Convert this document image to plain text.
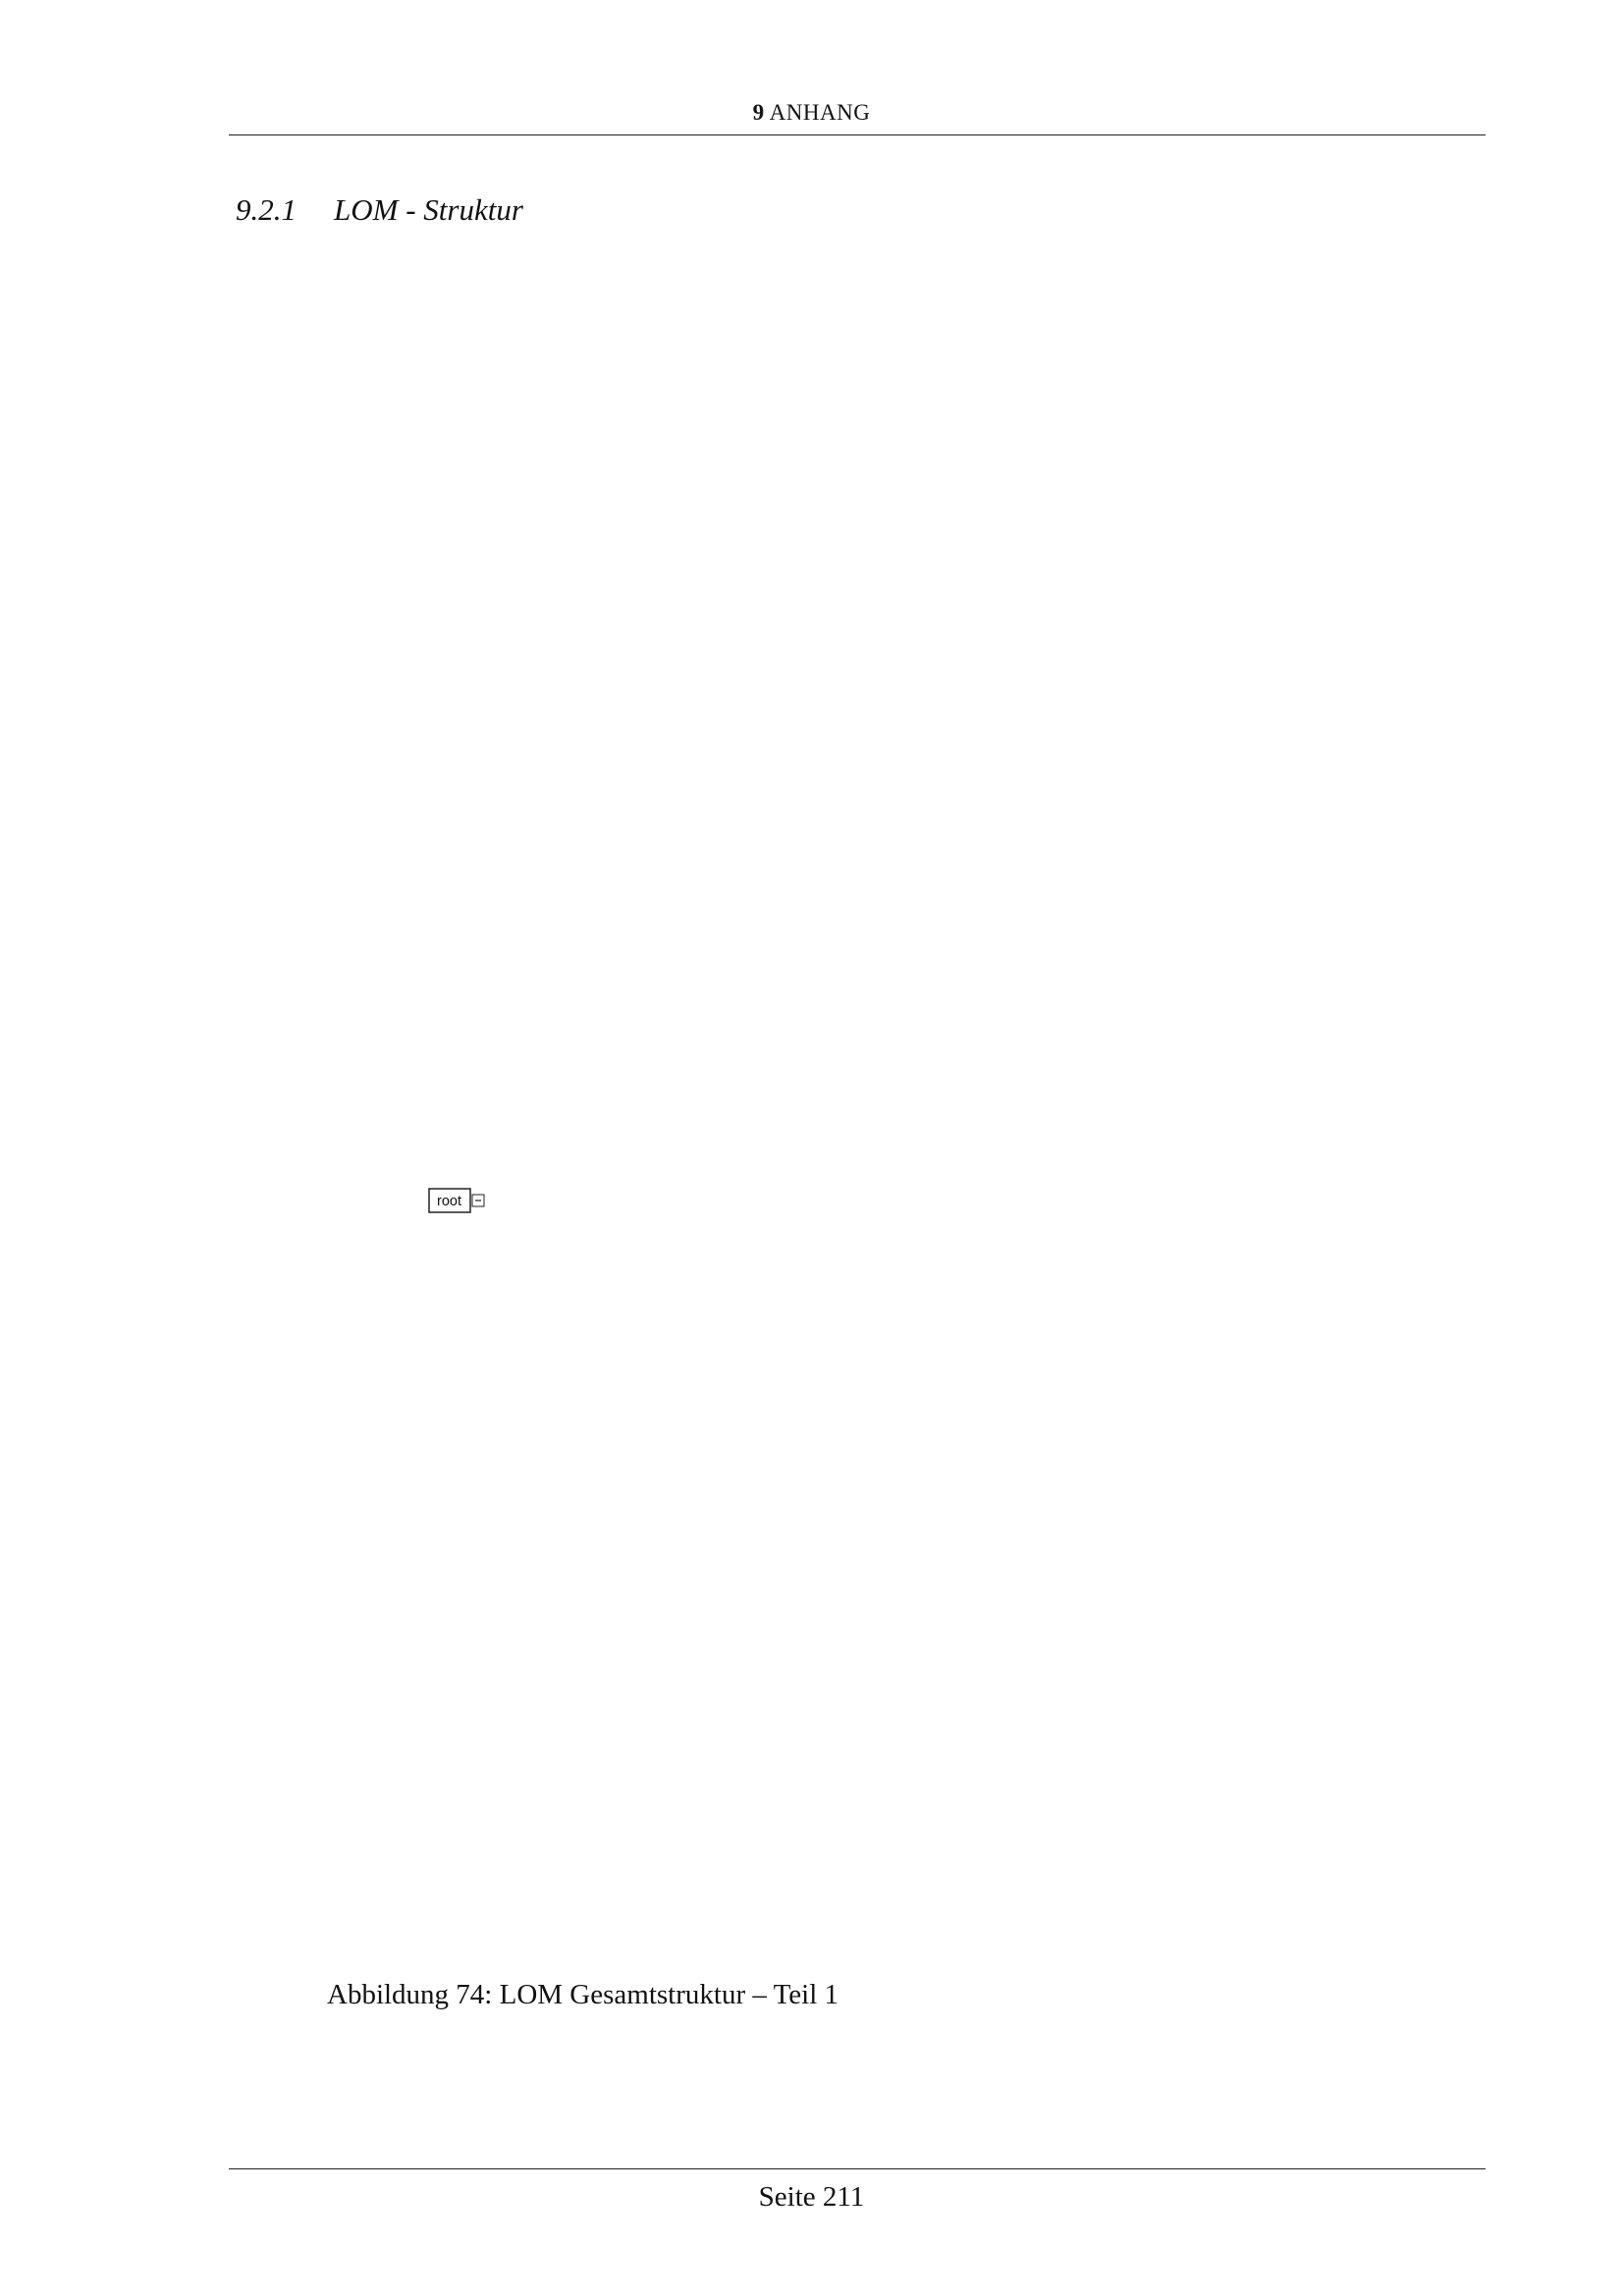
9 ANHANG
9.2.1 LOM - Struktur
root
Abbildung 74: LOM Gesamtstruktur – Teil 1
Seite 211
